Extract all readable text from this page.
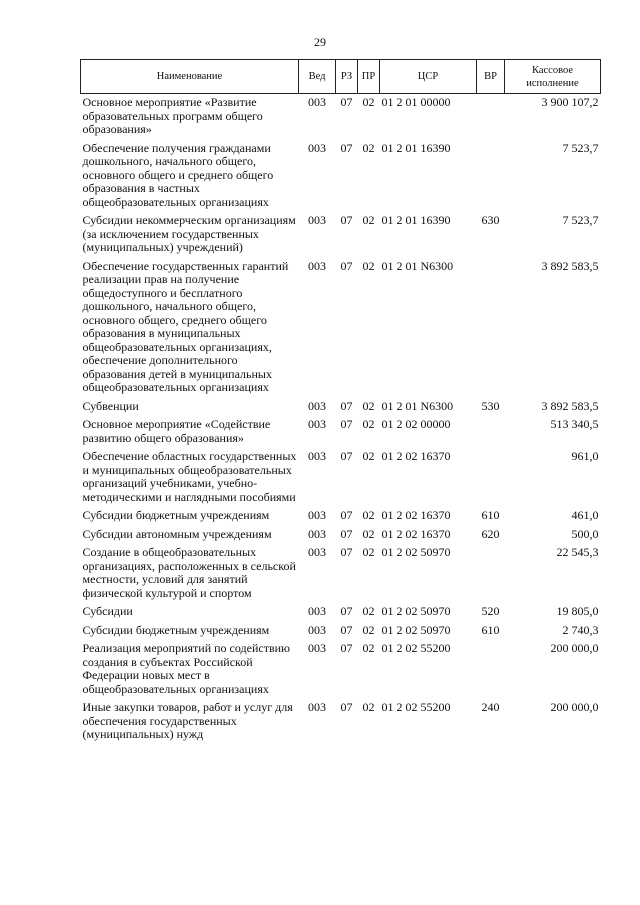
29
Наименование	Вед	РЗ	ПР	ЦСР	ВР	Кассовое исполнение
Основное мероприятие «Развитие образовательных программ общего образования»	003	07	02	01 2 01 00000		3 900 107,2
Обеспечение получения гражданами дошкольного, начального общего, основного общего и среднего общего образования в частных общеобразовательных организациях	003	07	02	01 2 01 16390		7 523,7
Субсидии некоммерческим организациям (за исключением государственных (муниципальных) учреждений)	003	07	02	01 2 01 16390	630	7 523,7
Обеспечение государственных гарантий реализации прав на получение общедоступного и бесплатного дошкольного, начального общего, основного общего, среднего общего образования в муниципальных общеобразовательных организациях, обеспечение дополнительного образования детей в муниципальных общеобразовательных организациях	003	07	02	01 2 01 N6300		3 892 583,5
Субвенции	003	07	02	01 2 01 N6300	530	3 892 583,5
Основное мероприятие «Содействие развитию общего образования»	003	07	02	01 2 02 00000		513 340,5
Обеспечение областных государственных и муниципальных общеобразовательных организаций учебниками, учебно-методическими и наглядными пособиями	003	07	02	01 2 02 16370		961,0
Субсидии бюджетным учреждениям	003	07	02	01 2 02 16370	610	461,0
Субсидии автономным учреждениям	003	07	02	01 2 02 16370	620	500,0
Создание в общеобразовательных организациях, расположенных в сельской местности, условий для занятий физической культурой и спортом	003	07	02	01 2 02 50970		22 545,3
Субсидии	003	07	02	01 2 02 50970	520	19 805,0
Субсидии бюджетным учреждениям	003	07	02	01 2 02 50970	610	2 740,3
Реализация мероприятий по содействию создания в субъектах Российской Федерации новых мест в общеобразовательных организациях	003	07	02	01 2 02 55200		200 000,0
Иные закупки товаров, работ и услуг для обеспечения государственных (муниципальных) нужд	003	07	02	01 2 02 55200	240	200 000,0
